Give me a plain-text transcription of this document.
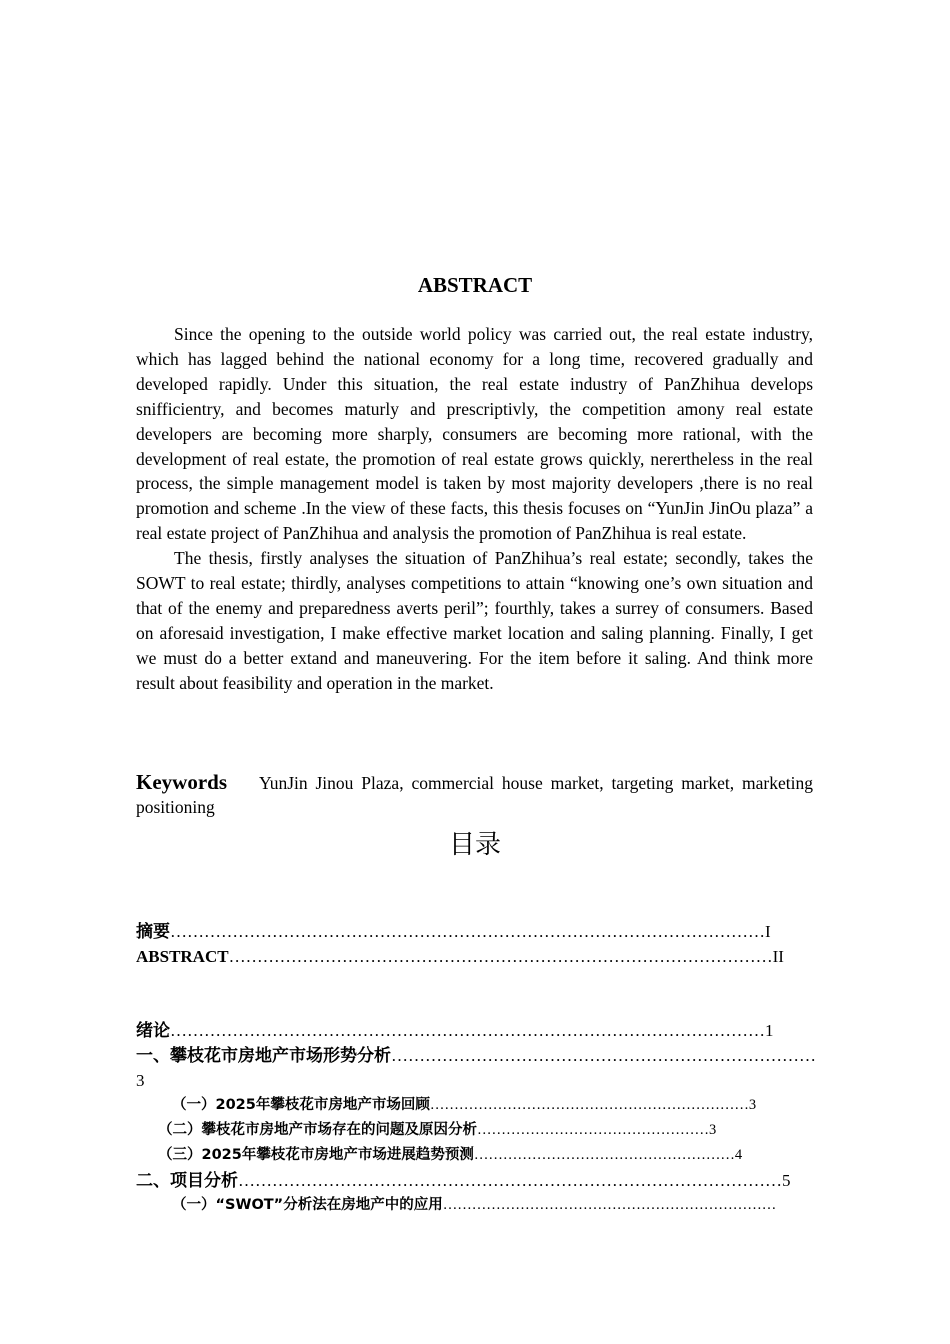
ABSTRACT

Since the opening to the outside world policy was carried out, the real estate industry, which has lagged behind the national economy for a long time, recovered gradually and developed rapidly. Under this situation, the real estate industry of PanZhihua develops snifficientry, and becomes maturly and prescriptivly, the competition amony real estate developers are becoming more sharply, consumers are becoming more rational, with the development of real estate, the promotion of real estate grows quickly, nerertheless in the real process, the simple management model is taken by most majority developers ,there is no real promotion and scheme .In the view of these facts, this thesis focuses on “YunJin JinOu plaza” a real estate project of PanZhihua and analysis the promotion of PanZhihua is real estate.

The thesis, firstly analyses the situation of PanZhihua’s real estate; secondly, takes the SOWT to real estate; thirdly, analyses competitions to attain “knowing one’s own situation and that of the enemy and preparedness averts peril”; fourthly, takes a surrey of consumers. Based on aforesaid investigation, I make effective market location and saling planning. Finally, I get we must do a better extand and maneuvering. For the item before it saling. And think more result about feasibility and operation in the market.

Keywords YunJin Jinou Plaza, commercial house market, targeting market, marketing positioning
目录
摘要……………………………………………………………………………………………I
ABSTRACT……………………………………………………………………………………II
绪论……………………………………………………………………………………………1
一、攀枝花市房地产市场形势分析…………………………………………………………………
3
（一）2025年攀枝花市房地产市场回顾…………………………………………………………3
（二）攀枝花市房地产市场存在的问题及原因分析…………………………………………3
（三）2025年攀枝花市房地产市场进展趋势预测………………………………………………4
二、项目分析……………………………………………………………………………………5
（一）“SWOT”分析法在房地产中的应用……………………………………………………………
